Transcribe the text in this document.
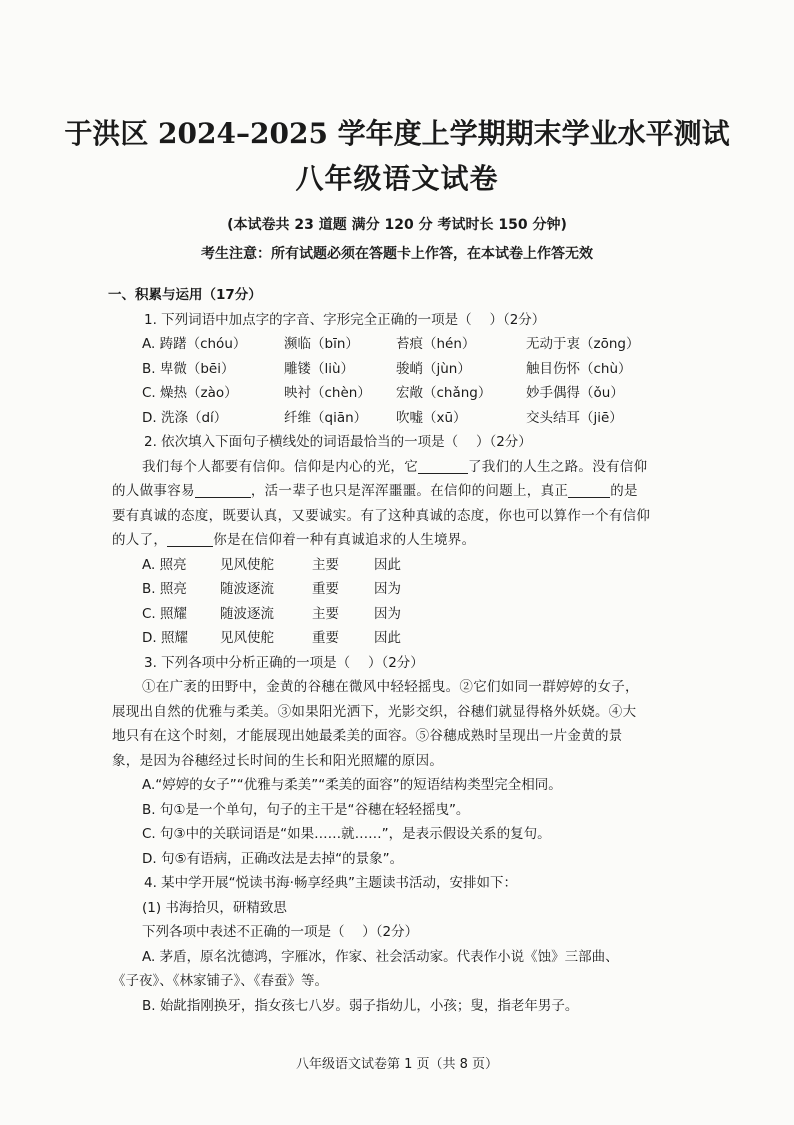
于洪区 2024–2025 学年度上学期期末学业水平测试
八年级语文试卷
(本试卷共 23 道题 满分 120 分 考试时长 150 分钟)
考生注意：所有试题必须在答题卡上作答，在本试卷上作答无效
一、积累与运用（17分）
1. 下列词语中加点字的字音、字形完全正确的一项是（　 ）（2分）
A. 踌躇（chóu）	濒临（bīn）	苔痕（hén）	无动于衷（zōng）
B. 卑微（bēi）	雕镂（liù）	骏峭（jùn）	触目伤怀（chù）
C. 燥热（zào）	映衬（chèn）	宏敞（chǎng）	妙手偶得（ǒu）
D. 洗涤（dí）	纤维（qiān）	吹嘘（xū）	交头结耳（jiē）
2. 依次填入下面句子横线处的词语最恰当的一项是（　 ）（2分）
我们每个人都要有信仰。信仰是内心的光，它	了我们的人生之路。没有信仰
的人做事容易	，活一辈子也只是浑浑噩噩。在信仰的问题上，真正	的是
要有真诚的态度，既要认真，又要诚实。有了这种真诚的态度，你也可以算作一个有信仰
的人了，	你是在信仰着一种有真诚追求的人生境界。
A. 照亮	见风使舵	主要	因此
B. 照亮	随波逐流	重要	因为
C. 照耀	随波逐流	主要	因为
D. 照耀	见风使舵	重要	因此
3. 下列各项中分析正确的一项是（　 ）（2分）
①在广袤的田野中，金黄的谷穗在微风中轻轻摇曳。②它们如同一群婷婷的女子，
展现出自然的优雅与柔美。③如果阳光洒下，光影交织，谷穗们就显得格外妖娆。④大
地只有在这个时刻，才能展现出她最柔美的面容。⑤谷穗成熟时呈现出一片金黄的景
象，是因为谷穗经过长时间的生长和阳光照耀的原因。
A.“婷婷的女子”“优雅与柔美”“柔美的面容”的短语结构类型完全相同。
B. 句①是一个单句，句子的主干是“谷穗在轻轻摇曳”。
C. 句③中的关联词语是“如果……就……”，是表示假设关系的复句。
D. 句⑤有语病，正确改法是去掉“的景象”。
4. 某中学开展“悦读书海·畅享经典”主题读书活动，安排如下：
(1) 书海拾贝，研精致思
下列各项中表述不正确的一项是（　 ）（2分）
A. 茅盾，原名沈德鸿，字雁冰，作家、社会活动家。代表作小说《蚀》三部曲、
《子夜》、《林家铺子》、《春蚕》等。
B. 始龀指刚换牙，指女孩七八岁。弱子指幼儿，小孩；叟，指老年男子。
八年级语文试卷第 1 页（共 8 页）
